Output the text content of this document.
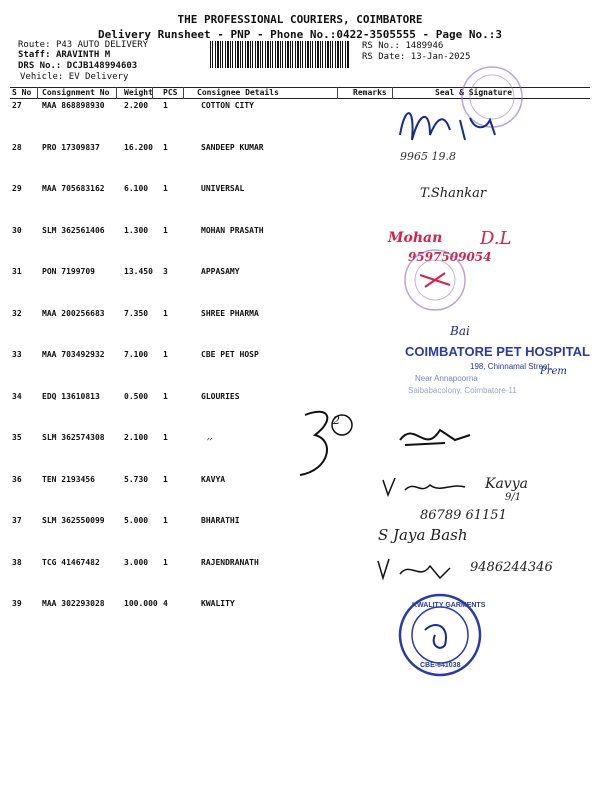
THE PROFESSIONAL COURIERS, COIMBATORE
Delivery Runsheet - PNP - Phone No.:0422-3505555 - Page No.:3
Route: P43 AUTO DELIVERY
Staff: ARAVINTH M
DRS No.: DCJB148994603
Vehicle: EV Delivery
RS No.: 1489946
RS Date: 13-Jan-2025
S No	Consignment No	Weight	PCS	Consignee Details	Remarks	Seal & Signature
27	MAA 868898930	2.200	1	COTTON CITY		
28	PRO 17309837	16.200	1	SANDEEP KUMAR		
29	MAA 705683162	6.100	1	UNIVERSAL		
30	SLM 362561406	1.300	1	MOHAN PRASATH		
31	PON 7199709	13.450	3	APPASAMY		
32	MAA 200256683	7.350	1	SHREE PHARMA		
33	MAA 703492932	7.100	1	CBE PET HOSP		
34	EDQ 13610813	0.500	1	GLOURIES		
35	SLM 362574308	2.100	1			
36	TEN 2193456	5.730	1	KAVYA		
37	SLM 362550099	5.000	1	BHARATHI		
38	TCG 41467482	3.000	1	RAJENDRANATH		
39	MAA 302293028	100.000	4	KWALITY		
9965 19.8
T.Shankar
Mohan D.L
9597509054
Bai
COIMBATORE PET HOSPITAL
198, Chinnamal Street,
Near Annapoorna
Saibabacolony, Coimbatore-11
Prem
2
′′
Kavya
9/1
86789 61151
S Jaya Bash
9486244346
KWALITY GARMENTS
CBE-641038
